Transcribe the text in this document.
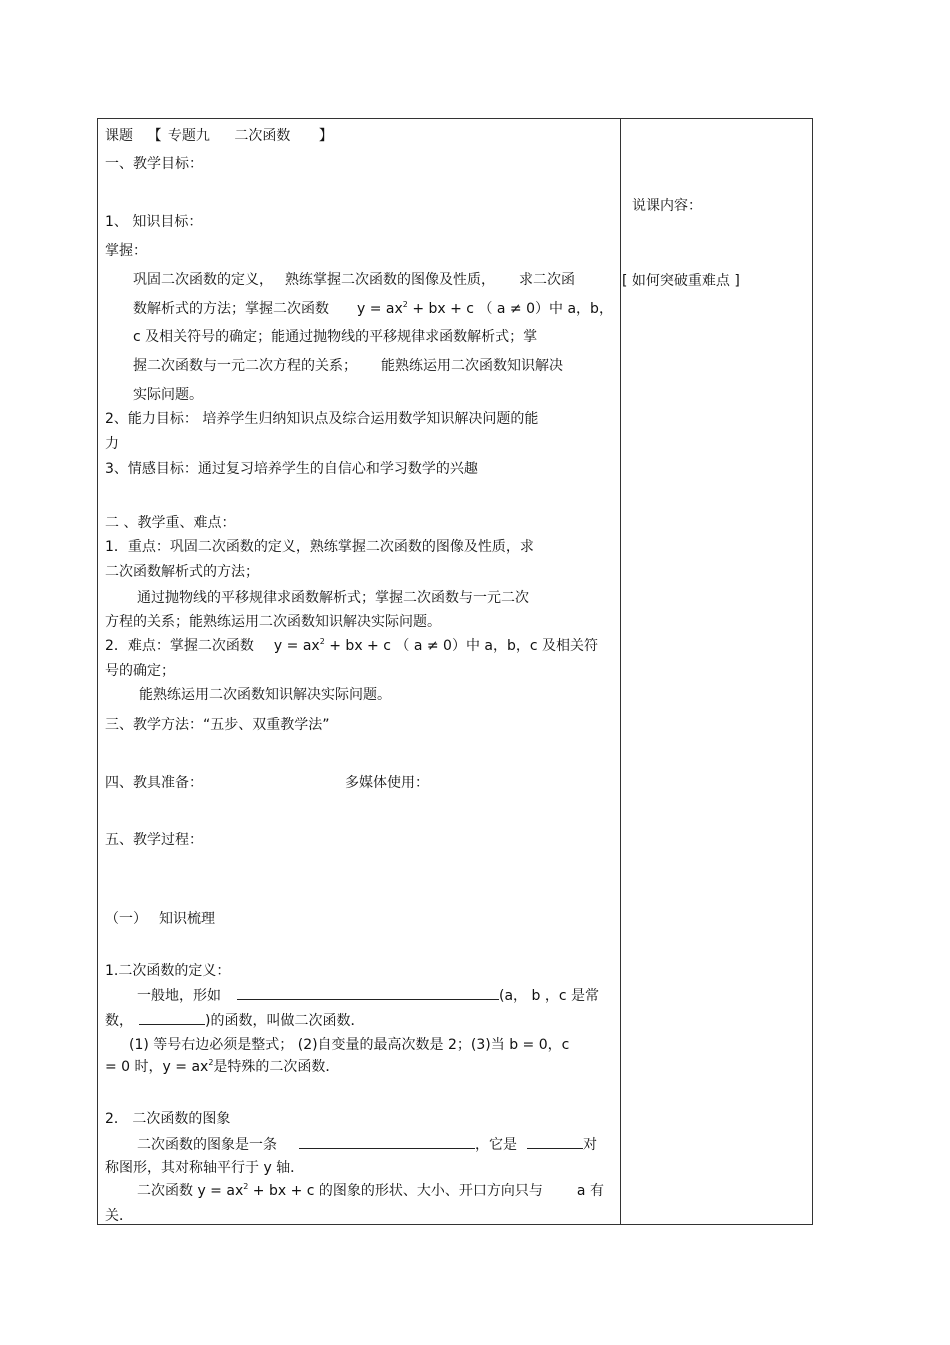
课题 【 专题九 二次函数 】
一、教学目标：
1、 知识目标：
掌握：
巩固二次函数的定义， 熟练掌握二次函数的图像及性质， 求二次函
数解析式的方法；掌握二次函数 $y = ax^2$ + bx + c （ a ≠ 0）中 a，b，
c 及相关符号的确定；能通过抛物线的平移规律求函数解析式；掌
握二次函数与一元二次方程的关系； 能熟练运用二次函数知识解决
实际问题。
2、能力目标： 培养学生归纳知识点及综合运用数学知识解决问题的能
力
3、情感目标：通过复习培养学生的自信心和学习数学的兴趣
二 、教学重、难点：
1．重点：巩固二次函数的定义，熟练掌握二次函数的图像及性质，求
二次函数解析式的方法；
通过抛物线的平移规律求函数解析式；掌握二次函数与一元二次
方程的关系；能熟练运用二次函数知识解决实际问题。
2．难点：掌握二次函数 $y = ax^2$ + bx + c （ a ≠ 0）中 a，b，c 及相关符
号的确定；
能熟练运用二次函数知识解决实际问题。
三、教学方法：“五步、双重教学法”
四、教具准备：	多媒体使用：
五、教学过程：
（一） 知识梳理
1.二次函数的定义：
一般地，形如	(a， b ，c 是常
数，	)的函数，叫做二次函数．
(1) 等号右边必须是整式； (2)自变量的最高次数是 2；(3)当 b = 0，c
= 0 时，$y = ax^2$是特殊的二次函数．
2． 二次函数的图象
二次函数的图象是一条	，它是	对
称图形，其对称轴平行于 y 轴．
二次函数 $y = ax^2$ + bx + c 的图象的形状、大小、开口方向只与 a 有
关．
说课内容：
[ 如何突破重难点 ]
